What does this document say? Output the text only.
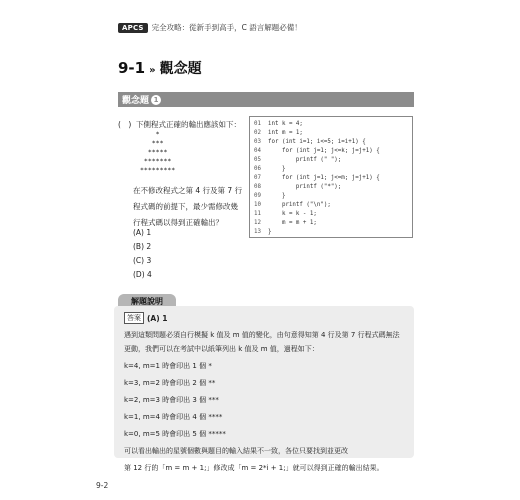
APCS	完全攻略：從新手到高手，C 語言解題必備！
9-1 » 觀念題
觀念題 1
(　) 下側程式正確的輸出應該如下：
*
***
*****
*******
*********
在不修改程式之第 4 行及第 7 行程式碼的前提下，最少需修改幾行程式碼以得到正確輸出？
(A) 1
(B) 2
(C) 3
(D) 4
01	int k = 4;
02	int m = 1;
03	for (int i=1; i<=5; i=i+1) {
04	for (int j=1; j<=k; j=j+1) {
05	printf (" ");
06	}
07	for (int j=1; j<=m; j=j+1) {
08	printf ("*");
09	}
10	printf ("\n");
11	k = k - 1;
12	m = m + 1;
13	}
解題說明
答案 (A) 1
遇到這類問題必須自行模擬 k 值及 m 值的變化，由句意得知第 4 行及第 7 行程式碼無法更動，我們可以在考試中以紙筆列出 k 值及 m 值，過程如下：
k=4, m=1 時會印出 1 個 *
k=3, m=2 時會印出 2 個 **
k=2, m=3 時會印出 3 個 ***
k=1, m=4 時會印出 4 個 ****
k=0, m=5 時會印出 5 個 *****
可以看出輸出的星號個數與題目的輸入結果不一致，各位只要找到並更改
第 12 行的「m = m + 1;」修改成「m = 2*i + 1;」就可以得到正確的輸出結果。
9-2
